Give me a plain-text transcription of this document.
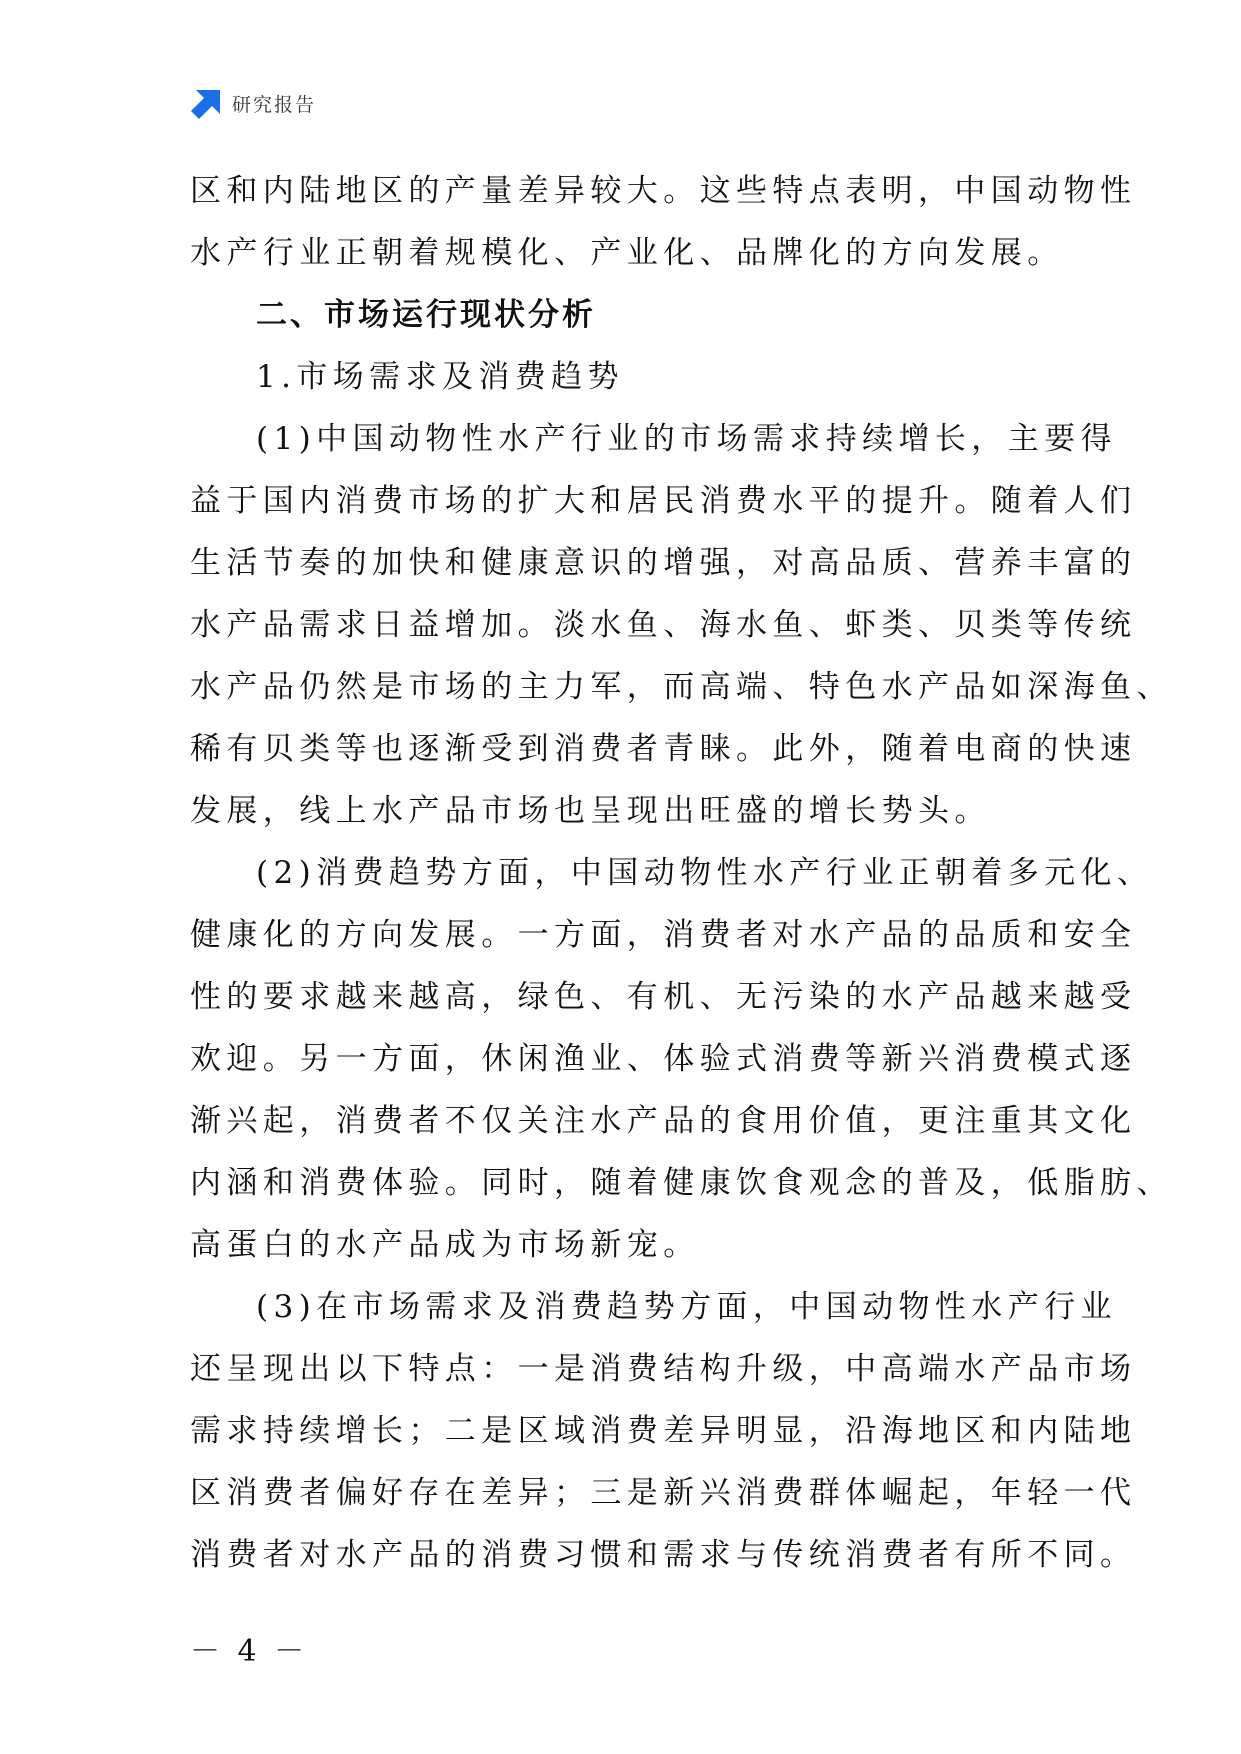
研究报告
区和内陆地区的产量差异较大。这些特点表明，中国动物性
水产行业正朝着规模化、产业化、品牌化的方向发展。
二、市场运行现状分析
1.市场需求及消费趋势
(1)中国动物性水产行业的市场需求持续增长，主要得
益于国内消费市场的扩大和居民消费水平的提升。随着人们
生活节奏的加快和健康意识的增强，对高品质、营养丰富的
水产品需求日益增加。淡水鱼、海水鱼、虾类、贝类等传统
水产品仍然是市场的主力军，而高端、特色水产品如深海鱼、
稀有贝类等也逐渐受到消费者青睐。此外，随着电商的快速
发展，线上水产品市场也呈现出旺盛的增长势头。
(2)消费趋势方面，中国动物性水产行业正朝着多元化、
健康化的方向发展。一方面，消费者对水产品的品质和安全
性的要求越来越高，绿色、有机、无污染的水产品越来越受
欢迎。另一方面，休闲渔业、体验式消费等新兴消费模式逐
渐兴起，消费者不仅关注水产品的食用价值，更注重其文化
内涵和消费体验。同时，随着健康饮食观念的普及，低脂肪、
高蛋白的水产品成为市场新宠。
(3)在市场需求及消费趋势方面，中国动物性水产行业
还呈现出以下特点：一是消费结构升级，中高端水产品市场
需求持续增长；二是区域消费差异明显，沿海地区和内陆地
区消费者偏好存在差异；三是新兴消费群体崛起，年轻一代
消费者对水产品的消费习惯和需求与传统消费者有所不同。
－ 4 －
